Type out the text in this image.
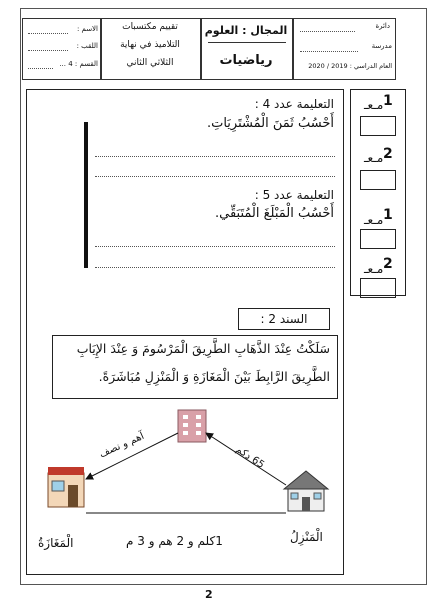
دائرة
مدرسة
العام الدراسي : 2019 / 2020
المجال : العلوم
رياضيات
تقييم مكتسبات
التلاميذ في نهاية
الثلاثي الثاني
الاسم :
اللقب :
القسم : 4 ...
مـعـ 1
مـعـ 2
مـعـ 1
مـعـ 2
التعليمة عدد 4 :
أَحْسُبُ ثَمَنَ الْمُشْتَرِيَاتِ.
التعليمة عدد 5 :
أَحْسُبُ الْمَبْلَغَ الْمُتَبَقِّي.
السند 2 :
سَلَكْتُ عِنْدَ الذَّهَابِ الطَّرِيقَ الْمَرْسُومَ وَ عِنْدَ الإِيَابِ
الطَّرِيقَ الرَّابِطَ بَيْنَ الْمَغَازَةِ وَ الْمَنْزِلِ مُبَاشَرَةً.
آهم و نصف	65 دكم
1كلم و 2 هم و 3 م
الْمَغَازَةُ	الْمَنْزِلُ
2
